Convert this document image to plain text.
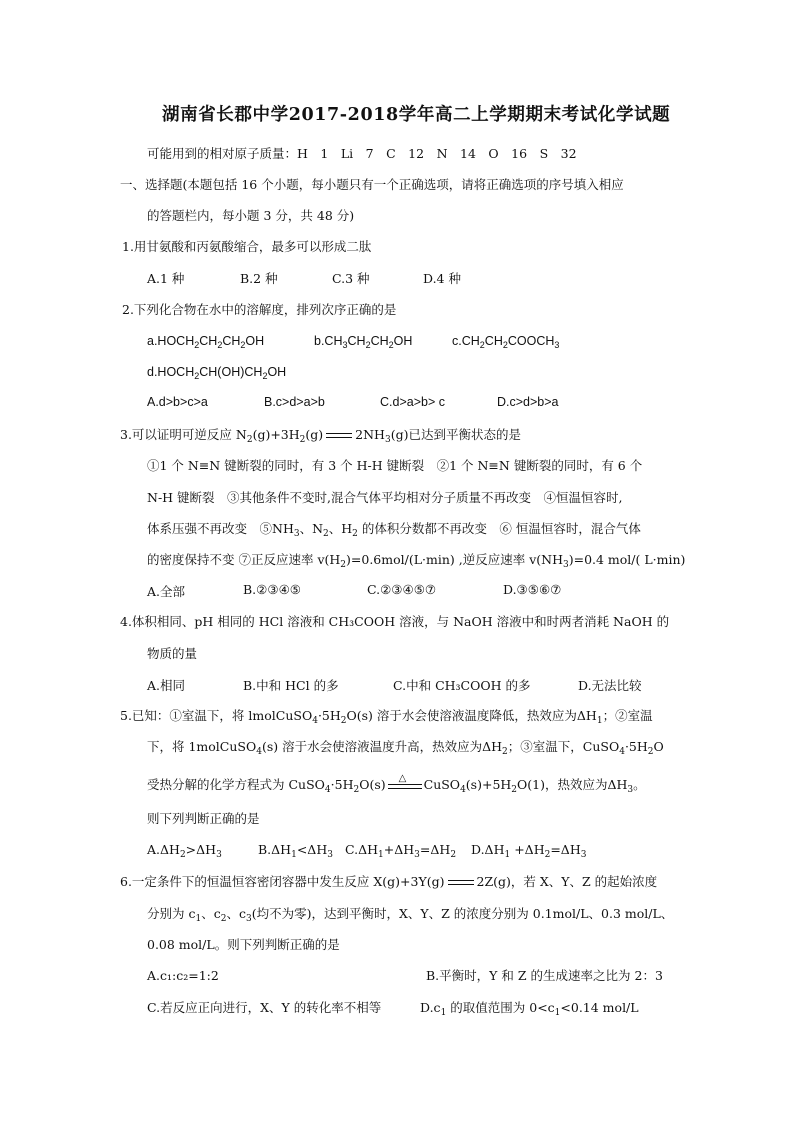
湖南省长郡中学2017-2018学年高二上学期期末考试化学试题
可能用到的相对原子质量：H　1　Li　7　C　12　N　14　O　16　S　32
一、选择题(本题包括 16 个小题，每小题只有一个正确选项，请将正确选项的序号填入相应
的答题栏内，每小题 3 分，共 48 分)
1.用甘氨酸和丙氨酸缩合，最多可以形成二肽
A.1 种	B.2 种	C.3 种	D.4 种
2.下列化合物在水中的溶解度，排列次序正确的是
$a.HOCH_2CH_2CH_2OH$	$b.CH_3CH_2CH_2OH$	$c.CH_2CH_2COOCH_3$
$d.HOCH_2CH(OH)CH_2OH$
A.d>b>c>a	B.c>d>a>b	C.d>a>b> c	D.c>d>b>a
3.可以证明可逆反应 $N_2(g)+3H_2(g)$	$2NH_3(g)$已达到平衡状态的是
①1 个 N≡N 键断裂的同时，有 3 个 H-H 键断裂　②1 个 N≡N 键断裂的同时，有 6 个
N-H 键断裂　③其他条件不变时,混合气体平均相对分子质量不再改变　④恒温恒容时,
体系压强不再改变　$⑤NH_3$、$N_2$、$H_2$ 的体积分数都不再改变　⑥ 恒温恒容时，混合气体
的密度保持不变 ⑦正反应速率 $v(H_2)=0.6mol/(L\cdot\min)$ ,逆反应速率 $v(NH_3)=0.4$ mol/( L·min)
A.全部	B.②③④⑤	C.②③④⑤⑦	D.③⑤⑥⑦
4.体积相同、pH 相同的 HCl 溶液和 CH₃COOH 溶液，与 NaOH 溶液中和时两者消耗 NaOH 的
物质的量
A.相同	B.中和 HCl 的多	C.中和 CH₃COOH 的多	D.无法比较
5.已知：①室温下，将 $lmolCuSO_4\cdot 5H_2O(s)$ 溶于水会使溶液温度降低，热效应为$\Delta H_1$；②室温
下，将 1molCuSO$_4$(s) 溶于水会使溶液温度升高，热效应为$\Delta H_2$；③室温下，$CuSO_4\cdot 5H_2O$
受热分解的化学方程式为 $CuSO_4\cdot 5H_2O(s)$ △ $CuSO_4(s)+5H_2O(1)$，热效应为$\Delta H_3$。
则下列判断正确的是
$A.\Delta H_2>\Delta H_3$	$B.\Delta H_1<\Delta H_3$ $C.\Delta H_1+\Delta H_3=\Delta H_2$ $D.\Delta H_1 +\Delta H_2=\Delta H_3$
6.一定条件下的恒温恒容密闭容器中发生反应 X(g)+3Y(g)	2Z(g)，若 X、Y、Z 的起始浓度
分别为 $c_1$、$c_2$、$c_3$(均不为零)，达到平衡时，X、Y、Z 的浓度分别为 0.1mol/L、0.3 mol/L、
0.08 mol/L。则下列判断正确的是
A.c₁:c₂=1:2	B.平衡时，Y 和 Z 的生成速率之比为 2：3
C.若反应正向进行，X、Y 的转化率不相等	$D.c_1$ 的取值范围为 $0<c_1<0.14$ mol/L
